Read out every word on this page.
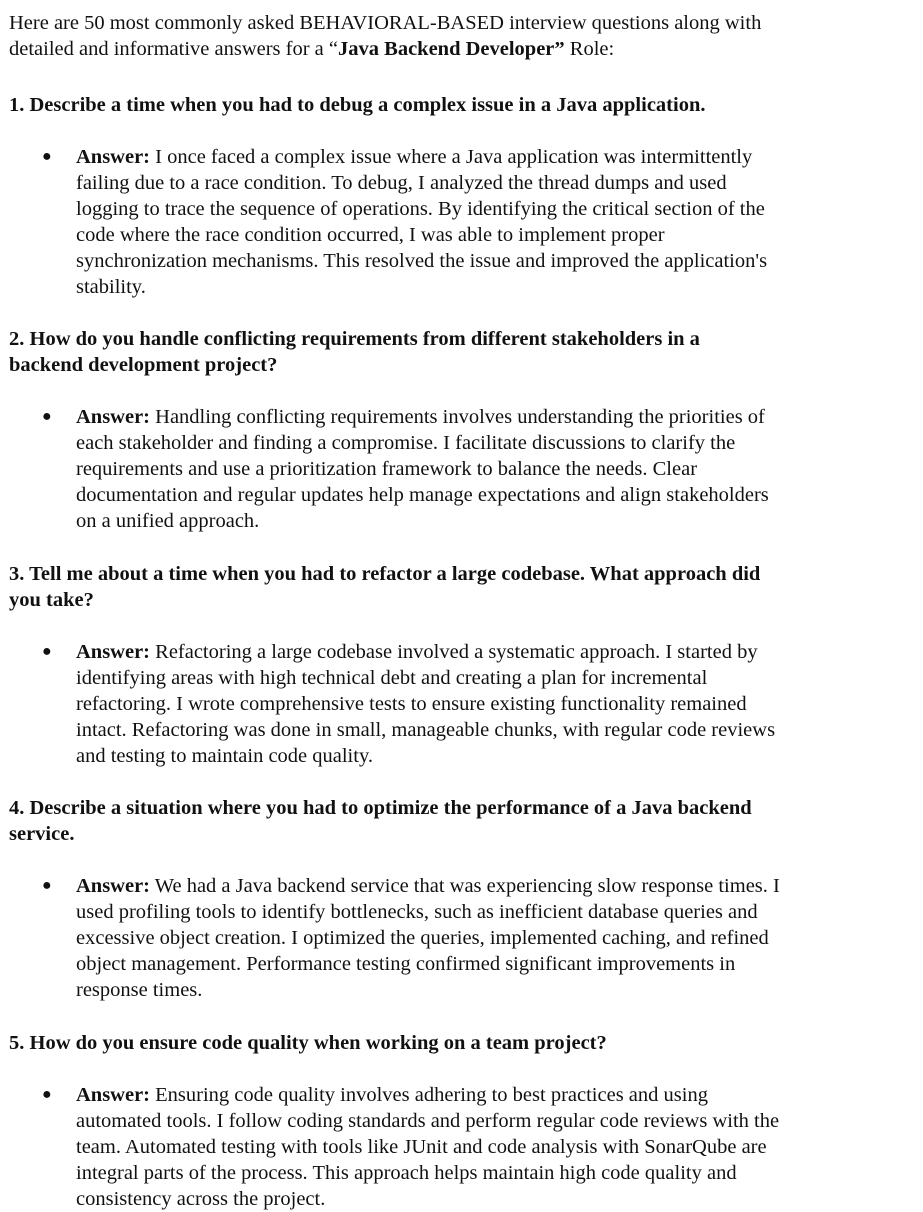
Here are 50 most commonly asked BEHAVIORAL-BASED interview questions along with
detailed and informative answers for a “Java Backend Developer” Role:

1. Describe a time when you had to debug a complex issue in a Java application.

● Answer: I once faced a complex issue where a Java application was intermittently
failing due to a race condition. To debug, I analyzed the thread dumps and used
logging to trace the sequence of operations. By identifying the critical section of the
code where the race condition occurred, I was able to implement proper
synchronization mechanisms. This resolved the issue and improved the application's
stability.

2. How do you handle conflicting requirements from different stakeholders in a
backend development project?

● Answer: Handling conflicting requirements involves understanding the priorities of
each stakeholder and finding a compromise. I facilitate discussions to clarify the
requirements and use a prioritization framework to balance the needs. Clear
documentation and regular updates help manage expectations and align stakeholders
on a unified approach.

3. Tell me about a time when you had to refactor a large codebase. What approach did
you take?

● Answer: Refactoring a large codebase involved a systematic approach. I started by
identifying areas with high technical debt and creating a plan for incremental
refactoring. I wrote comprehensive tests to ensure existing functionality remained
intact. Refactoring was done in small, manageable chunks, with regular code reviews
and testing to maintain code quality.

4. Describe a situation where you had to optimize the performance of a Java backend
service.

● Answer: We had a Java backend service that was experiencing slow response times. I
used profiling tools to identify bottlenecks, such as inefficient database queries and
excessive object creation. I optimized the queries, implemented caching, and refined
object management. Performance testing confirmed significant improvements in
response times.

5. How do you ensure code quality when working on a team project?

● Answer: Ensuring code quality involves adhering to best practices and using
automated tools. I follow coding standards and perform regular code reviews with the
team. Automated testing with tools like JUnit and code analysis with SonarQube are
integral parts of the process. This approach helps maintain high code quality and
consistency across the project.
